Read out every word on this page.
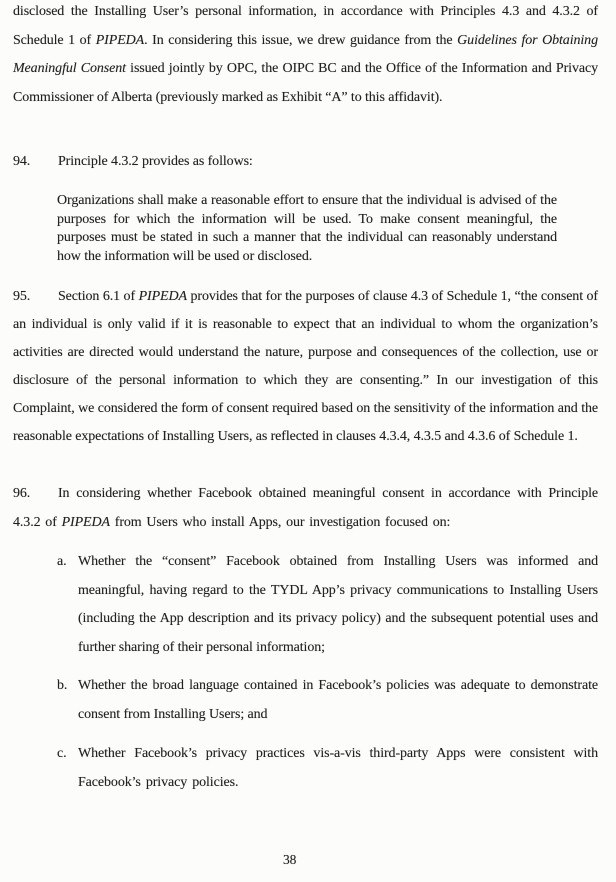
disclosed the Installing User’s personal information, in accordance with Principles 4.3 and 4.3.2 of Schedule 1 of PIPEDA. In considering this issue, we drew guidance from the Guidelines for Obtaining Meaningful Consent issued jointly by OPC, the OIPC BC and the Office of the Information and Privacy Commissioner of Alberta (previously marked as Exhibit “A” to this affidavit).

94. Principle 4.3.2 provides as follows:

Organizations shall make a reasonable effort to ensure that the individual is advised of the purposes for which the information will be used. To make consent meaningful, the purposes must be stated in such a manner that the individual can reasonably understand how the information will be used or disclosed.

95. Section 6.1 of PIPEDA provides that for the purposes of clause 4.3 of Schedule 1, “the consent of an individual is only valid if it is reasonable to expect that an individual to whom the organization’s activities are directed would understand the nature, purpose and consequences of the collection, use or disclosure of the personal information to which they are consenting.” In our investigation of this Complaint, we considered the form of consent required based on the sensitivity of the information and the reasonable expectations of Installing Users, as reflected in clauses 4.3.4, 4.3.5 and 4.3.6 of Schedule 1.

96. In considering whether Facebook obtained meaningful consent in accordance with Principle 4.3.2 of PIPEDA from Users who install Apps, our investigation focused on:

a. Whether the “consent” Facebook obtained from Installing Users was informed and meaningful, having regard to the TYDL App’s privacy communications to Installing Users (including the App description and its privacy policy) and the subsequent potential uses and further sharing of their personal information;
b. Whether the broad language contained in Facebook’s policies was adequate to demonstrate consent from Installing Users; and
c. Whether Facebook’s privacy practices vis-a-vis third-party Apps were consistent with Facebook’s privacy policies.
38
